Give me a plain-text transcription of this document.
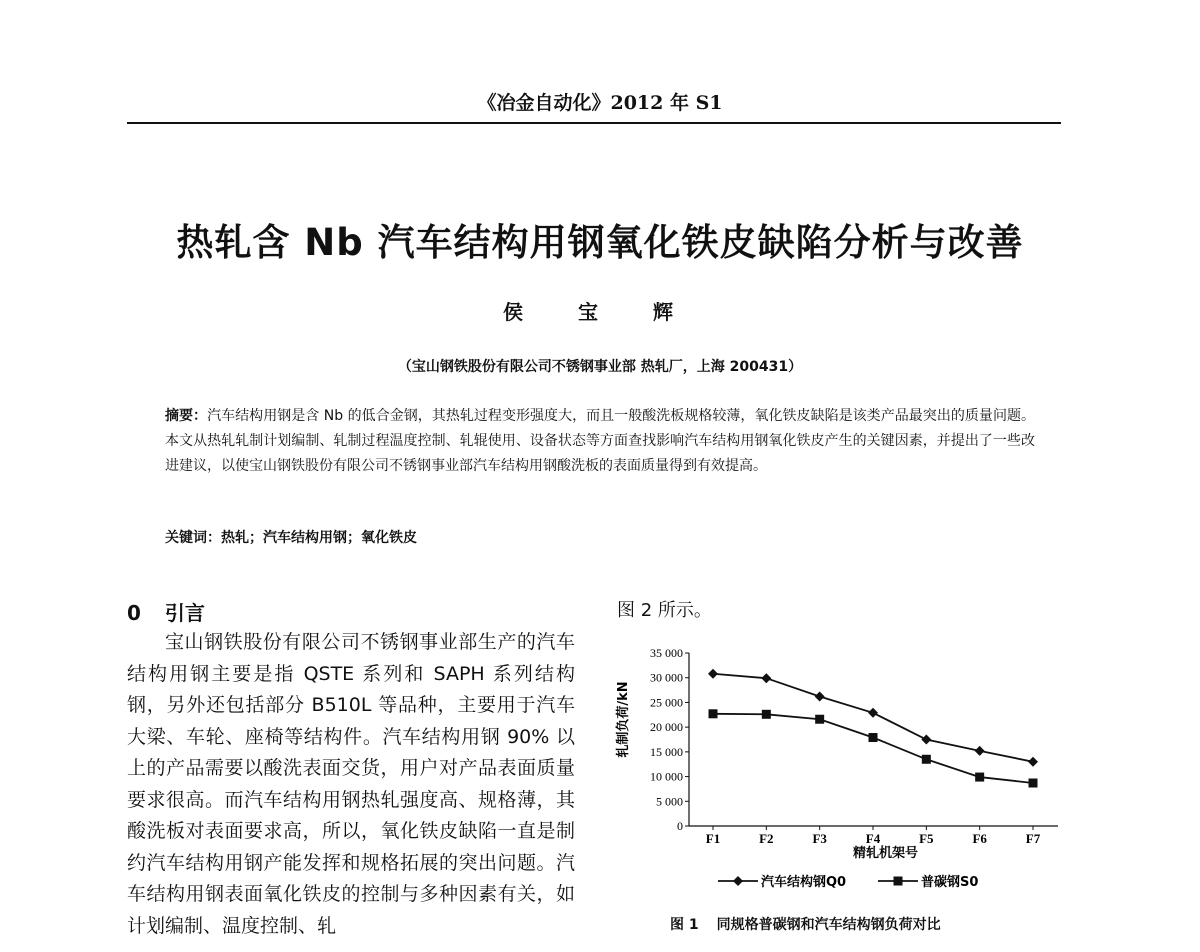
《冶金自动化》2012 年 S1
热轧含 Nb 汽车结构用钢氧化铁皮缺陷分析与改善
侯 宝 辉
（宝山钢铁股份有限公司不锈钢事业部 热轧厂，上海 200431）
摘要：汽车结构用钢是含 Nb 的低合金钢，其热轧过程变形强度大，而且一般酸洗板规格较薄，氧化铁皮缺陷是该类产品最突出的质量问题。本文从热轧轧制计划编制、轧制过程温度控制、轧辊使用、设备状态等方面查找影响汽车结构用钢氧化铁皮产生的关键因素，并提出了一些改进建议，以使宝山钢铁股份有限公司不锈钢事业部汽车结构用钢酸洗板的表面质量得到有效提高。
关键词：热轧；汽车结构用钢；氧化铁皮
0 引言
宝山钢铁股份有限公司不锈钢事业部生产的汽车结构用钢主要是指 QSTE 系列和 SAPH 系列结构钢，另外还包括部分 B510L 等品种，主要用于汽车大梁、车轮、座椅等结构件。汽车结构用钢 90% 以上的产品需要以酸洗表面交货，用户对产品表面质量要求很高。而汽车结构用钢热轧强度高、规格薄，其酸洗板对表面要求高，所以，氧化铁皮缺陷一直是制约汽车结构用钢产能发挥和规格拓展的突出问题。汽车结构用钢表面氧化铁皮的控制与多种因素有关，如计划编制、温度控制、轧
图 2 所示。
0
5 000
10 000
15 000
20 000
25 000
30 000
35 000
F1	F2	F3	F4	F5	F6	F7
轧制负荷/kN
精轧机架号
汽车结构钢Q0	普碳钢S0
图 1 同规格普碳钢和汽车结构钢负荷对比
